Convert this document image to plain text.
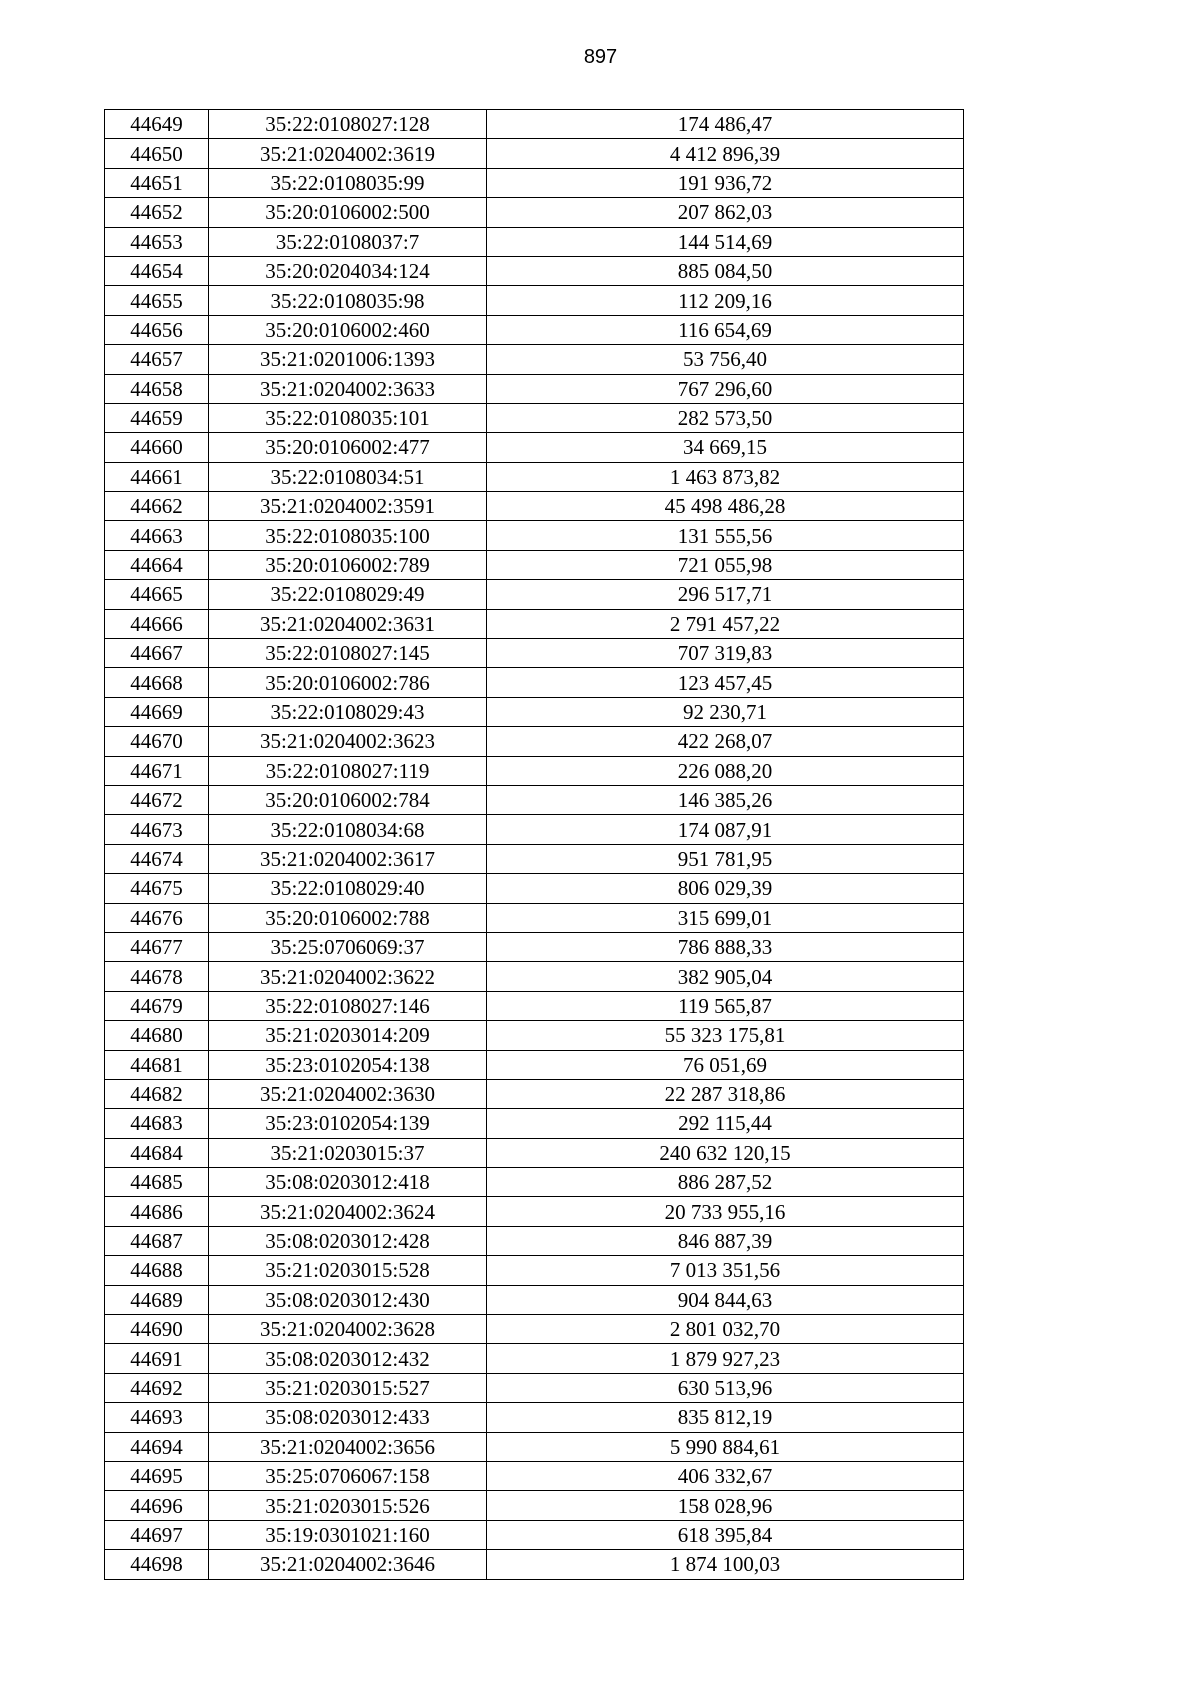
897
44649	35:22:0108027:128	174 486,47
44650	35:21:0204002:3619	4 412 896,39
44651	35:22:0108035:99	191 936,72
44652	35:20:0106002:500	207 862,03
44653	35:22:0108037:7	144 514,69
44654	35:20:0204034:124	885 084,50
44655	35:22:0108035:98	112 209,16
44656	35:20:0106002:460	116 654,69
44657	35:21:0201006:1393	53 756,40
44658	35:21:0204002:3633	767 296,60
44659	35:22:0108035:101	282 573,50
44660	35:20:0106002:477	34 669,15
44661	35:22:0108034:51	1 463 873,82
44662	35:21:0204002:3591	45 498 486,28
44663	35:22:0108035:100	131 555,56
44664	35:20:0106002:789	721 055,98
44665	35:22:0108029:49	296 517,71
44666	35:21:0204002:3631	2 791 457,22
44667	35:22:0108027:145	707 319,83
44668	35:20:0106002:786	123 457,45
44669	35:22:0108029:43	92 230,71
44670	35:21:0204002:3623	422 268,07
44671	35:22:0108027:119	226 088,20
44672	35:20:0106002:784	146 385,26
44673	35:22:0108034:68	174 087,91
44674	35:21:0204002:3617	951 781,95
44675	35:22:0108029:40	806 029,39
44676	35:20:0106002:788	315 699,01
44677	35:25:0706069:37	786 888,33
44678	35:21:0204002:3622	382 905,04
44679	35:22:0108027:146	119 565,87
44680	35:21:0203014:209	55 323 175,81
44681	35:23:0102054:138	76 051,69
44682	35:21:0204002:3630	22 287 318,86
44683	35:23:0102054:139	292 115,44
44684	35:21:0203015:37	240 632 120,15
44685	35:08:0203012:418	886 287,52
44686	35:21:0204002:3624	20 733 955,16
44687	35:08:0203012:428	846 887,39
44688	35:21:0203015:528	7 013 351,56
44689	35:08:0203012:430	904 844,63
44690	35:21:0204002:3628	2 801 032,70
44691	35:08:0203012:432	1 879 927,23
44692	35:21:0203015:527	630 513,96
44693	35:08:0203012:433	835 812,19
44694	35:21:0204002:3656	5 990 884,61
44695	35:25:0706067:158	406 332,67
44696	35:21:0203015:526	158 028,96
44697	35:19:0301021:160	618 395,84
44698	35:21:0204002:3646	1 874 100,03
